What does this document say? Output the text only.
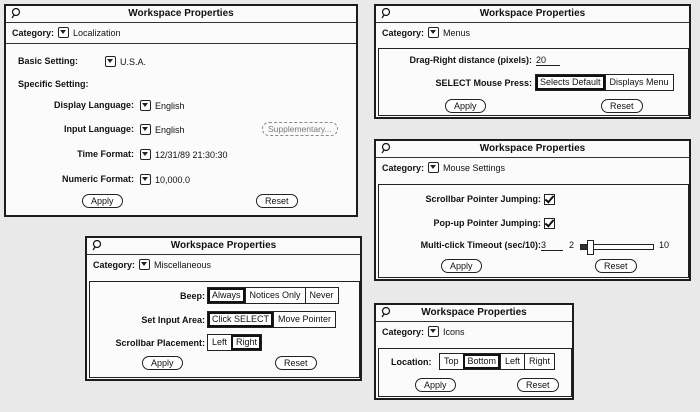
Workspace Properties
Category: Localization
Basic Setting:	U.S.A.
Specific Setting:
Display Language:	English
Input Language:	English	Supplementary...
Time Format:	12/31/89 21:30:30
Numeric Format:	10,000.0
Apply	Reset
Workspace Properties
Category: Menus
Drag-Right distance (pixels): 20
SELECT Mouse Press: Selects Default	Displays Menu
Apply	Reset
Workspace Properties
Category: Mouse Settings
Scrollbar Pointer Jumping:
Pop-up Pointer Jumping:
Multi-click Timeout (sec/10): 3	2	10
Apply	Reset
Workspace Properties
Category: Miscellaneous
Beep: Always	Notices Only	Never
Set Input Area: Click SELECT	Move Pointer
Scrollbar Placement: Left	Right
Apply	Reset
Workspace Properties
Category: Icons
Location:	Top	Bottom	Left	Right
Apply	Reset
